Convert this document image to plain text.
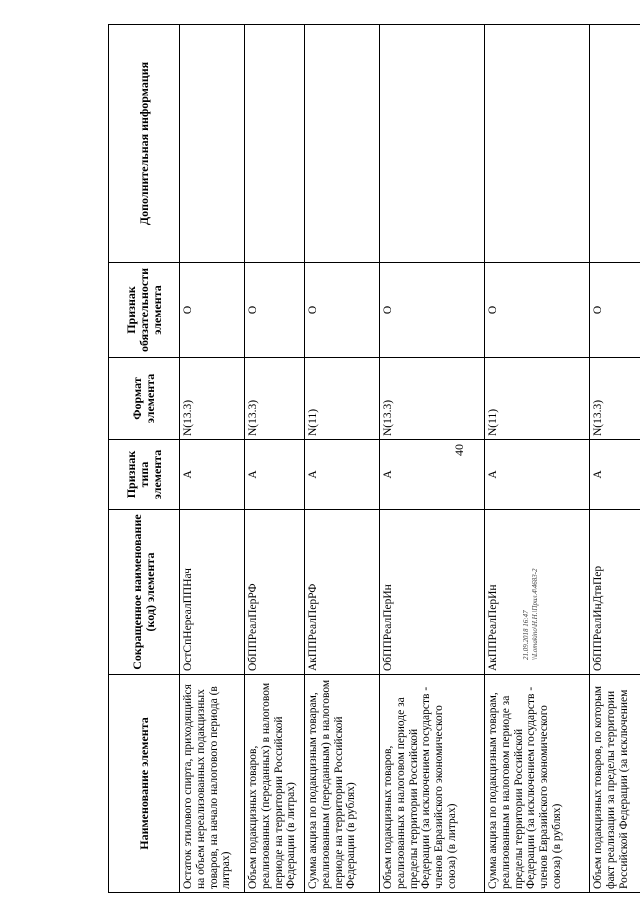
40
21.09.2018 16:47 \\Lomakino\Н.Н.\Прил.4\4683-2
Наименование элемента	Сокращенное наименование (код) элемента	Признак типа элемента	Формат элемента	Признак обязательности элемента	Дополнительная информация
Остаток этилового спирта, приходящийся на объем нереализованных подакцизных товаров, на начало налогового периода (в литрах)	ОстСпНереалППНач	А	N(13.3)	О	
Объем подакцизных товаров, реализованных (переданных) в налоговом периоде на территории Российской Федерации (в литрах)	ОбППРеалПерРФ	А	N(13.3)	О	
Сумма акциза по подакцизным товарам, реализованным (переданным) в налоговом периоде на территории Российской Федерации (в рублях)	АкППРеалПерРФ	А	N(11)	О	
Объем подакцизных товаров, реализованных в налоговом периоде за пределы территории Российской Федерации (за исключением государств - членов Евразийского экономического союза) (в литрах)	ОбППРеалПерИн	А	N(13.3)	О	
Сумма акциза по подакцизным товарам, реализованным в налоговом периоде за пределы территории Российской Федерации (за исключением государств - членов Евразийского экономического союза) (в рублях)	АкППРеалПерИн	А	N(11)	О	
Объем подакцизных товаров, по которым факт реализации за пределы территории Российской Федерации (за исключением	ОбППРеалИнДтвПер	А	N(13.3)	О	
